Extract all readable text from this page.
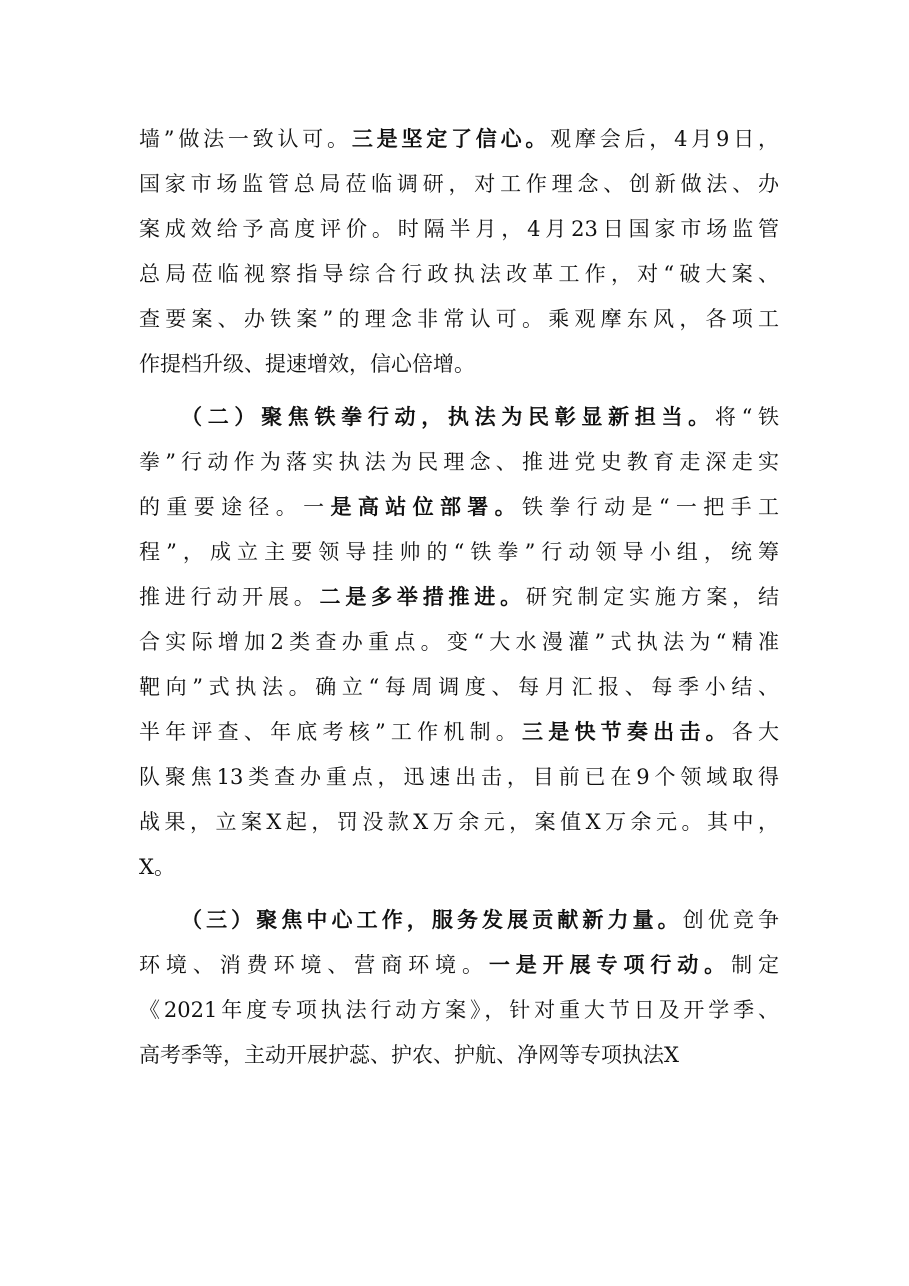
墙”做法一致认可。三是坚定了信心。观摩会后，4月9日，
国家市场监管总局莅临调研，对工作理念、创新做法、办
案成效给予高度评价。时隔半月，4月23日国家市场监管
总局莅临视察指导综合行政执法改革工作，对“破大案、
查要案、办铁案”的理念非常认可。乘观摩东风，各项工
作提档升级、提速增效，信心倍增。
（二）聚焦铁拳行动，执法为民彰显新担当。将“铁
拳”行动作为落实执法为民理念、推进党史教育走深走实
的重要途径。一是高站位部署。铁拳行动是“一把手工
程”，成立主要领导挂帅的“铁拳”行动领导小组，统筹
推进行动开展。二是多举措推进。研究制定实施方案，结
合实际增加2类查办重点。变“大水漫灌”式执法为“精准
靶向”式执法。确立“每周调度、每月汇报、每季小结、
半年评查、年底考核”工作机制。三是快节奏出击。各大
队聚焦13类查办重点，迅速出击，目前已在9个领域取得
战果，立案X起，罚没款X万余元，案值X万余元。其中，
X。
（三）聚焦中心工作，服务发展贡献新力量。创优竞争
环境、消费环境、营商环境。一是开展专项行动。制定
《2021年度专项执法行动方案》，针对重大节日及开学季、
高考季等，主动开展护蕊、护农、护航、净网等专项执法X
